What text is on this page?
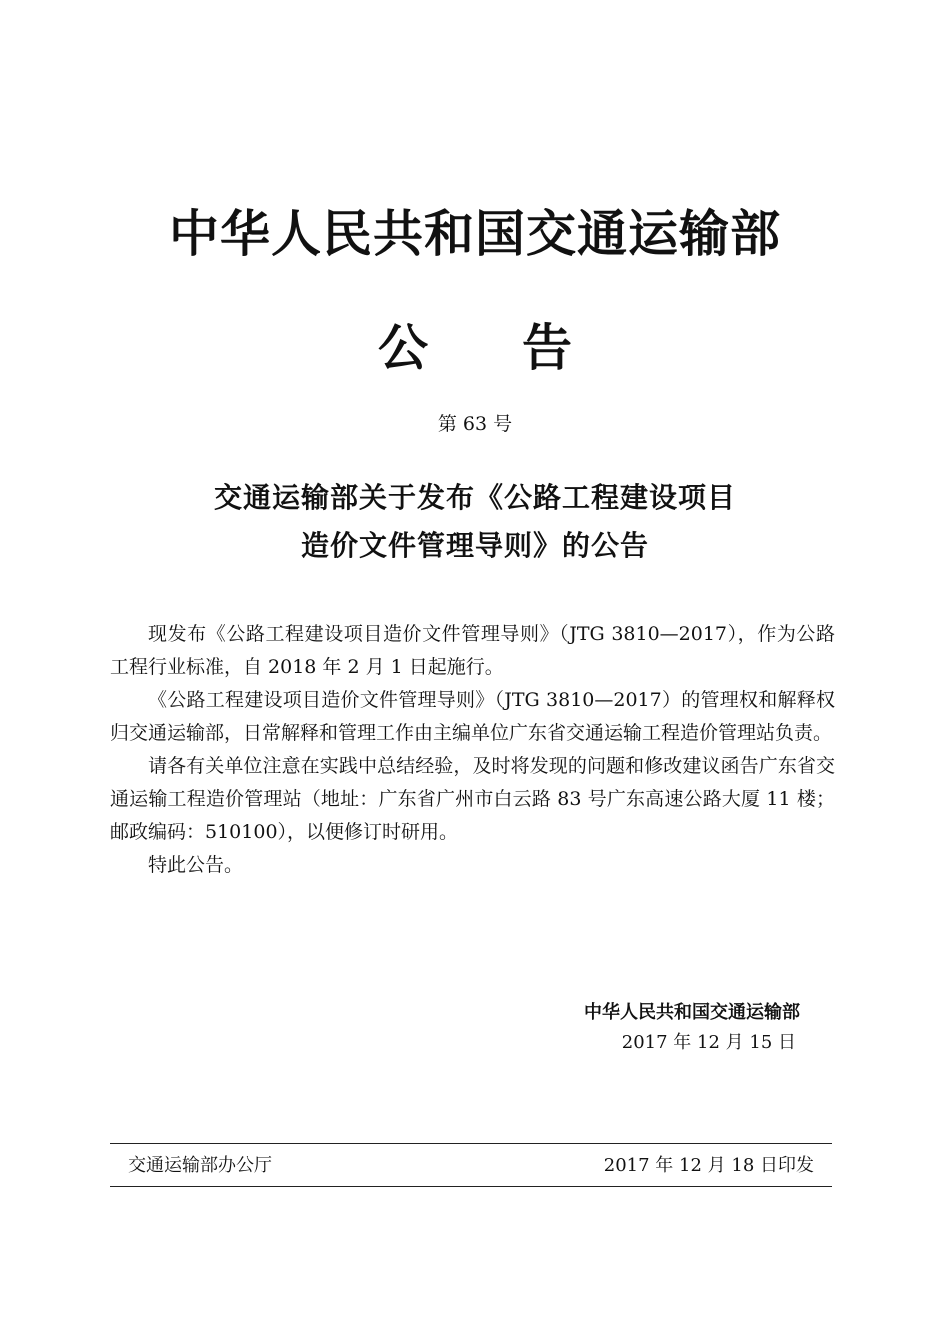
中华人民共和国交通运输部
公 告
第 63 号
交通运输部关于发布《公路工程建设项目
造价文件管理导则》的公告

现发布《公路工程建设项目造价文件管理导则》（JTG 3810—2017），作为公路工程行业标准，自 2018 年 2 月 1 日起施行。

《公路工程建设项目造价文件管理导则》（JTG 3810—2017）的管理权和解释权归交通运输部，日常解释和管理工作由主编单位广东省交通运输工程造价管理站负责。

请各有关单位注意在实践中总结经验，及时将发现的问题和修改建议函告广东省交通运输工程造价管理站（地址：广东省广州市白云路 83 号广东高速公路大厦 11 楼；邮政编码：510100），以便修订时研用。

特此公告。

中华人民共和国交通运输部
2017 年 12 月 15 日
交通运输部办公厅	2017 年 12 月 18 日印发
